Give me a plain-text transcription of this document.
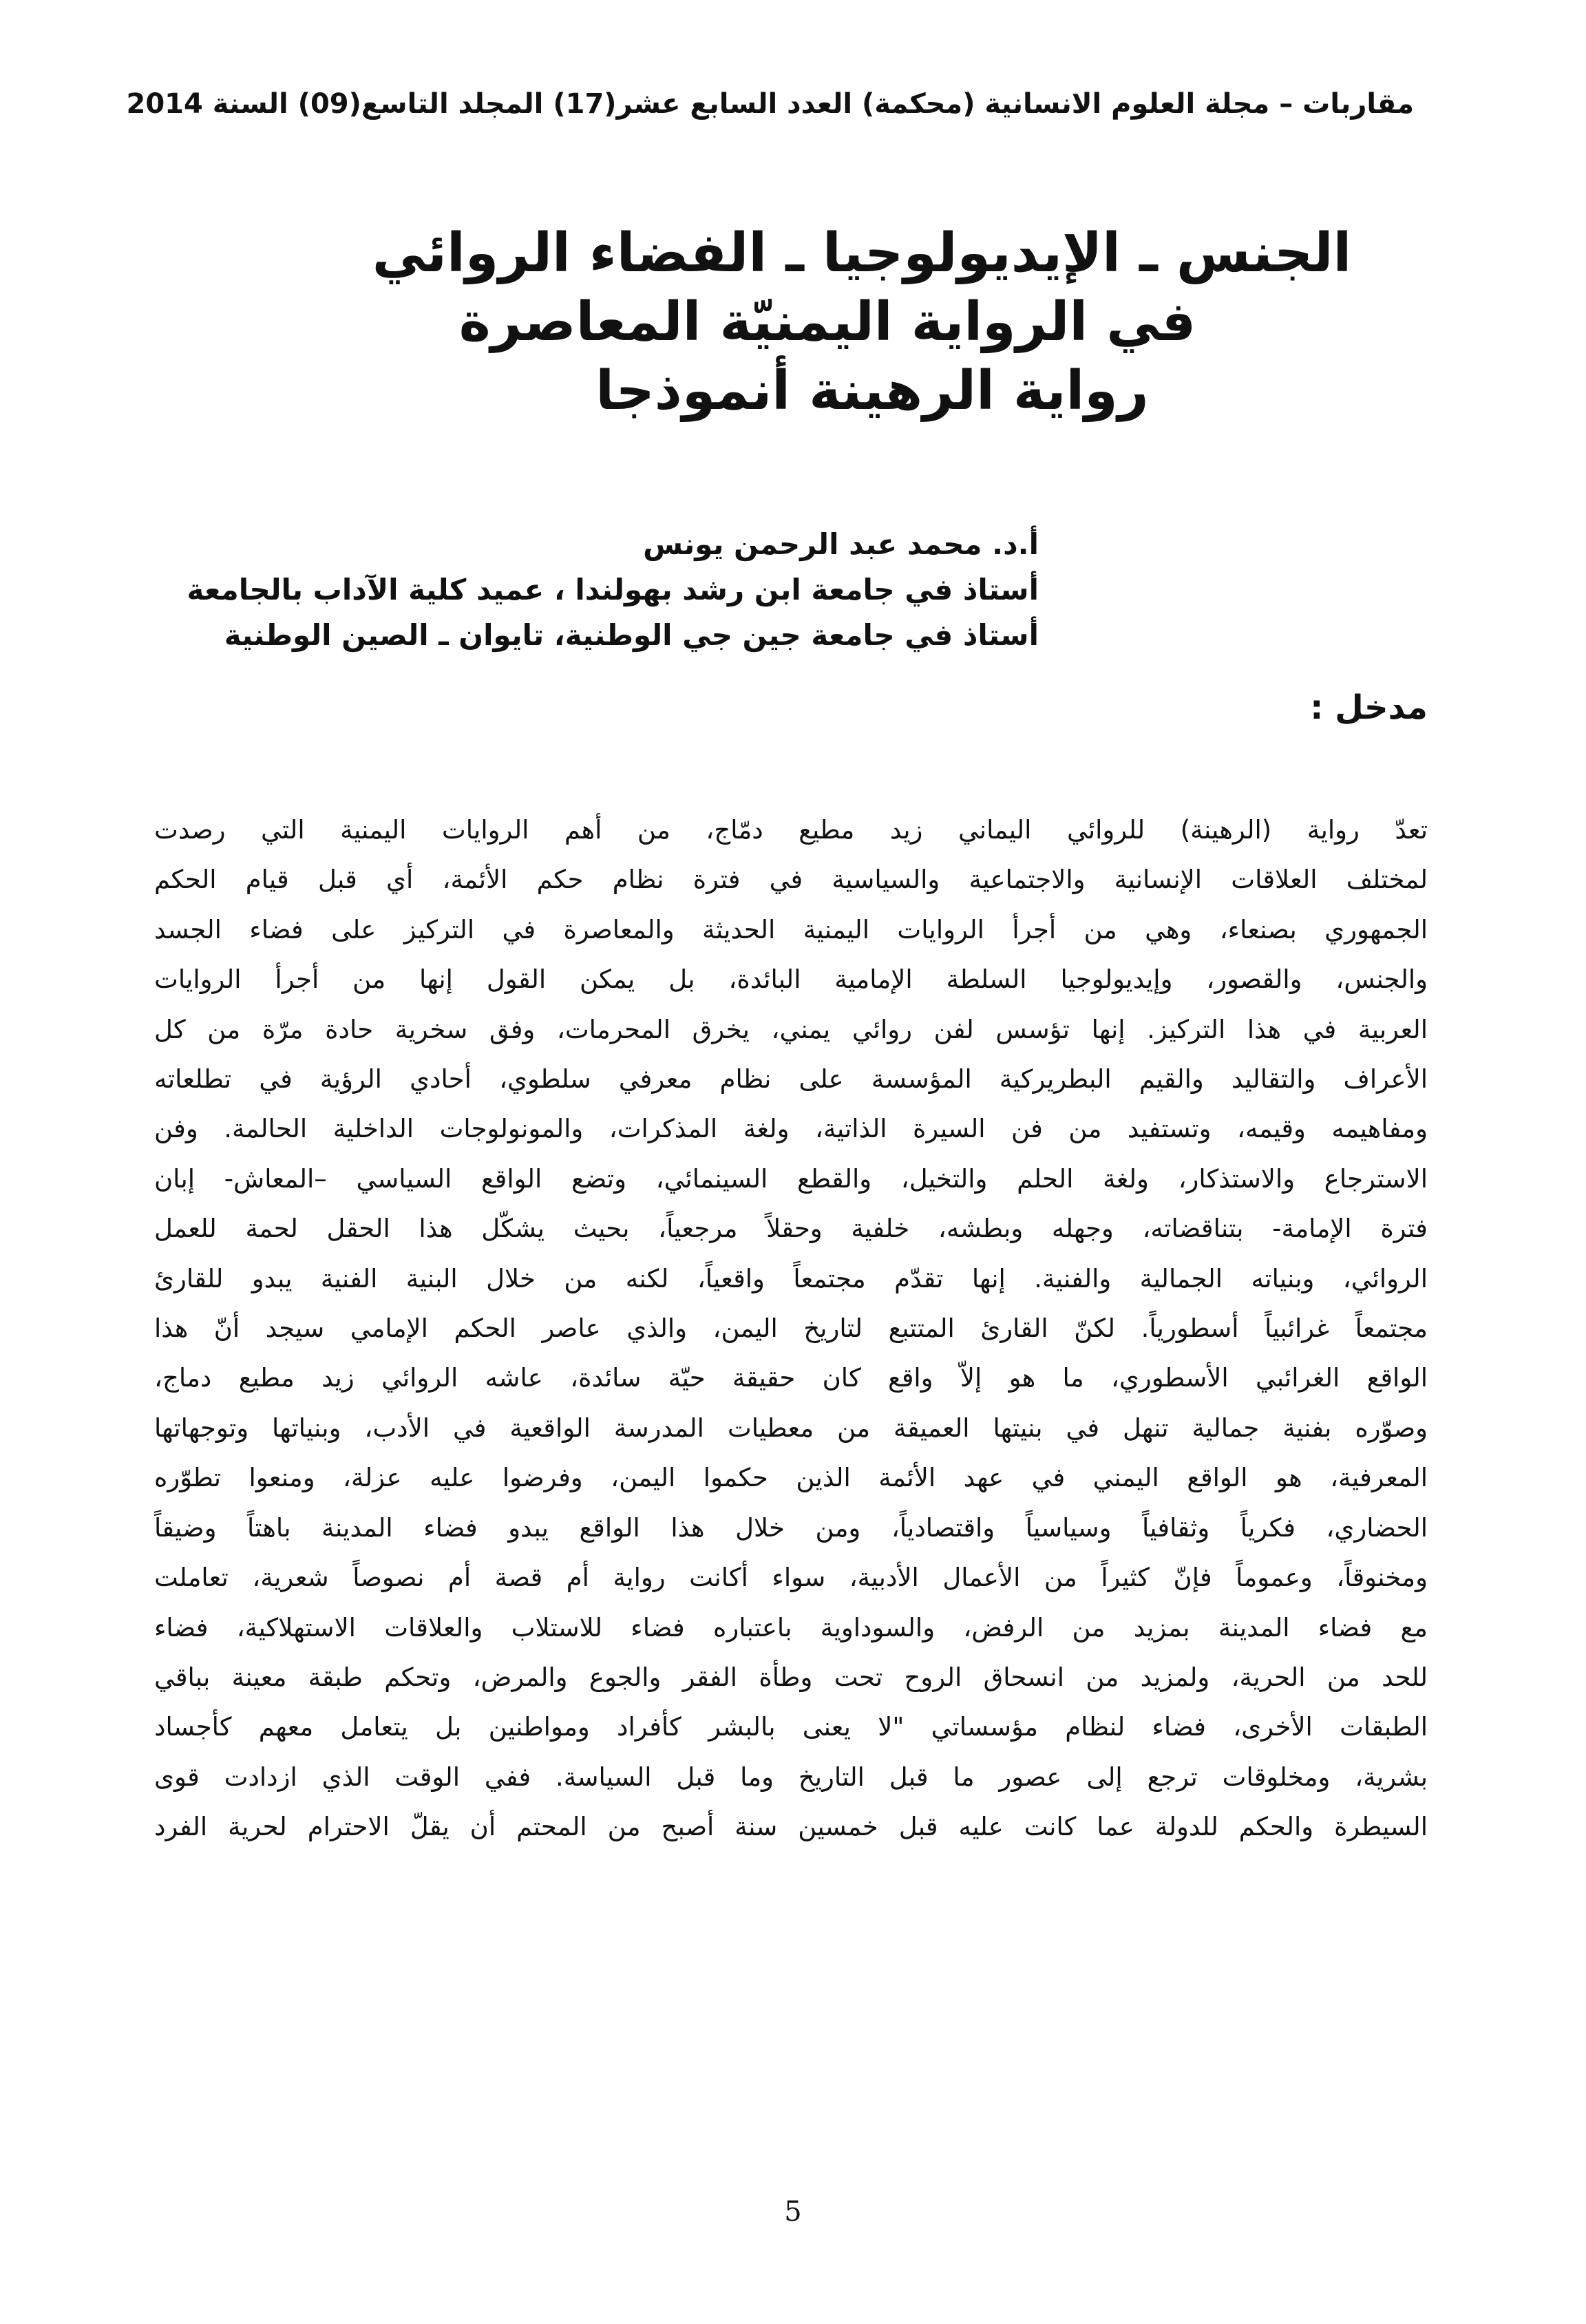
مقاربات – مجلة العلوم الانسانية (محكمة) العدد السابع عشر(17) المجلد التاسع(09) السنة 2014
الجنس ـ الإيديولوجيا ـ الفضاء الروائي
في الرواية اليمنيّة المعاصرة
رواية الرهينة أنموذجا
أ.د. محمد عبد الرحمن يونس
أستاذ في جامعة ابن رشد بهولندا ، عميد كلية الآداب بالجامعة
أستاذ في جامعة جين جي الوطنية، تايوان ـ الصين الوطنية
مدخل :
تعدّ رواية (الرهينة) للروائي اليماني زيد مطيع دمّاج، من أهم الروايات اليمنية التي رصدت
لمختلف العلاقات الإنسانية والاجتماعية والسياسية في فترة نظام حكم الأئمة، أي قبل قيام الحكم
الجمهوري بصنعاء، وهي من أجرأ الروايات اليمنية الحديثة والمعاصرة في التركيز على فضاء الجسد
والجنس، والقصور، وإيديولوجيا السلطة الإمامية البائدة، بل يمكن القول إنها من أجرأ الروايات
العربية في هذا التركيز. إنها تؤسس لفن روائي يمني، يخرق المحرمات، وفق سخرية حادة مرّة من كل
الأعراف والتقاليد والقيم البطريركية المؤسسة على نظام معرفي سلطوي، أحادي الرؤية في تطلعاته
ومفاهيمه وقيمه، وتستفيد من فن السيرة الذاتية، ولغة المذكرات، والمونولوجات الداخلية الحالمة. وفن
الاسترجاع والاستذكار، ولغة الحلم والتخيل، والقطع السينمائي، وتضع الواقع السياسي –المعاش- إبان
فترة الإمامة- بتناقضاته، وجهله وبطشه، خلفية وحقلاً مرجعياً، بحيث يشكّل هذا الحقل لحمة للعمل
الروائي، وبنياته الجمالية والفنية. إنها تقدّم مجتمعاً واقعياً، لكنه من خلال البنية الفنية يبدو للقارئ
مجتمعاً غرائبياً أسطورياً. لكنّ القارئ المتتبع لتاريخ اليمن، والذي عاصر الحكم الإمامي سيجد أنّ هذا
الواقع الغرائبي الأسطوري، ما هو إلاّ واقع كان حقيقة حيّة سائدة، عاشه الروائي زيد مطيع دماج،
وصوّره بفنية جمالية تنهل في بنيتها العميقة من معطيات المدرسة الواقعية في الأدب، وبنياتها وتوجهاتها
المعرفية، هو الواقع اليمني في عهد الأئمة الذين حكموا اليمن، وفرضوا عليه عزلة، ومنعوا تطوّره
الحضاري، فكرياً وثقافياً وسياسياً واقتصادياً، ومن خلال هذا الواقع يبدو فضاء المدينة باهتاً وضيقاً
ومخنوقاً، وعموماً فإنّ كثيراً من الأعمال الأدبية، سواء أكانت رواية أم قصة أم نصوصاً شعرية، تعاملت
مع فضاء المدينة بمزيد من الرفض، والسوداوية باعتباره فضاء للاستلاب والعلاقات الاستهلاكية، فضاء
للحد من الحرية، ولمزيد من انسحاق الروح تحت وطأة الفقر والجوع والمرض، وتحكم طبقة معينة بباقي
الطبقات الأخرى، فضاء لنظام مؤسساتي "لا يعنى بالبشر كأفراد ومواطنين بل يتعامل معهم كأجساد
بشرية، ومخلوقات ترجع إلى عصور ما قبل التاريخ وما قبل السياسة. ففي الوقت الذي ازدادت قوى
السيطرة والحكم للدولة عما كانت عليه قبل خمسين سنة أصبح من المحتم أن يقلّ الاحترام لحرية الفرد
5
